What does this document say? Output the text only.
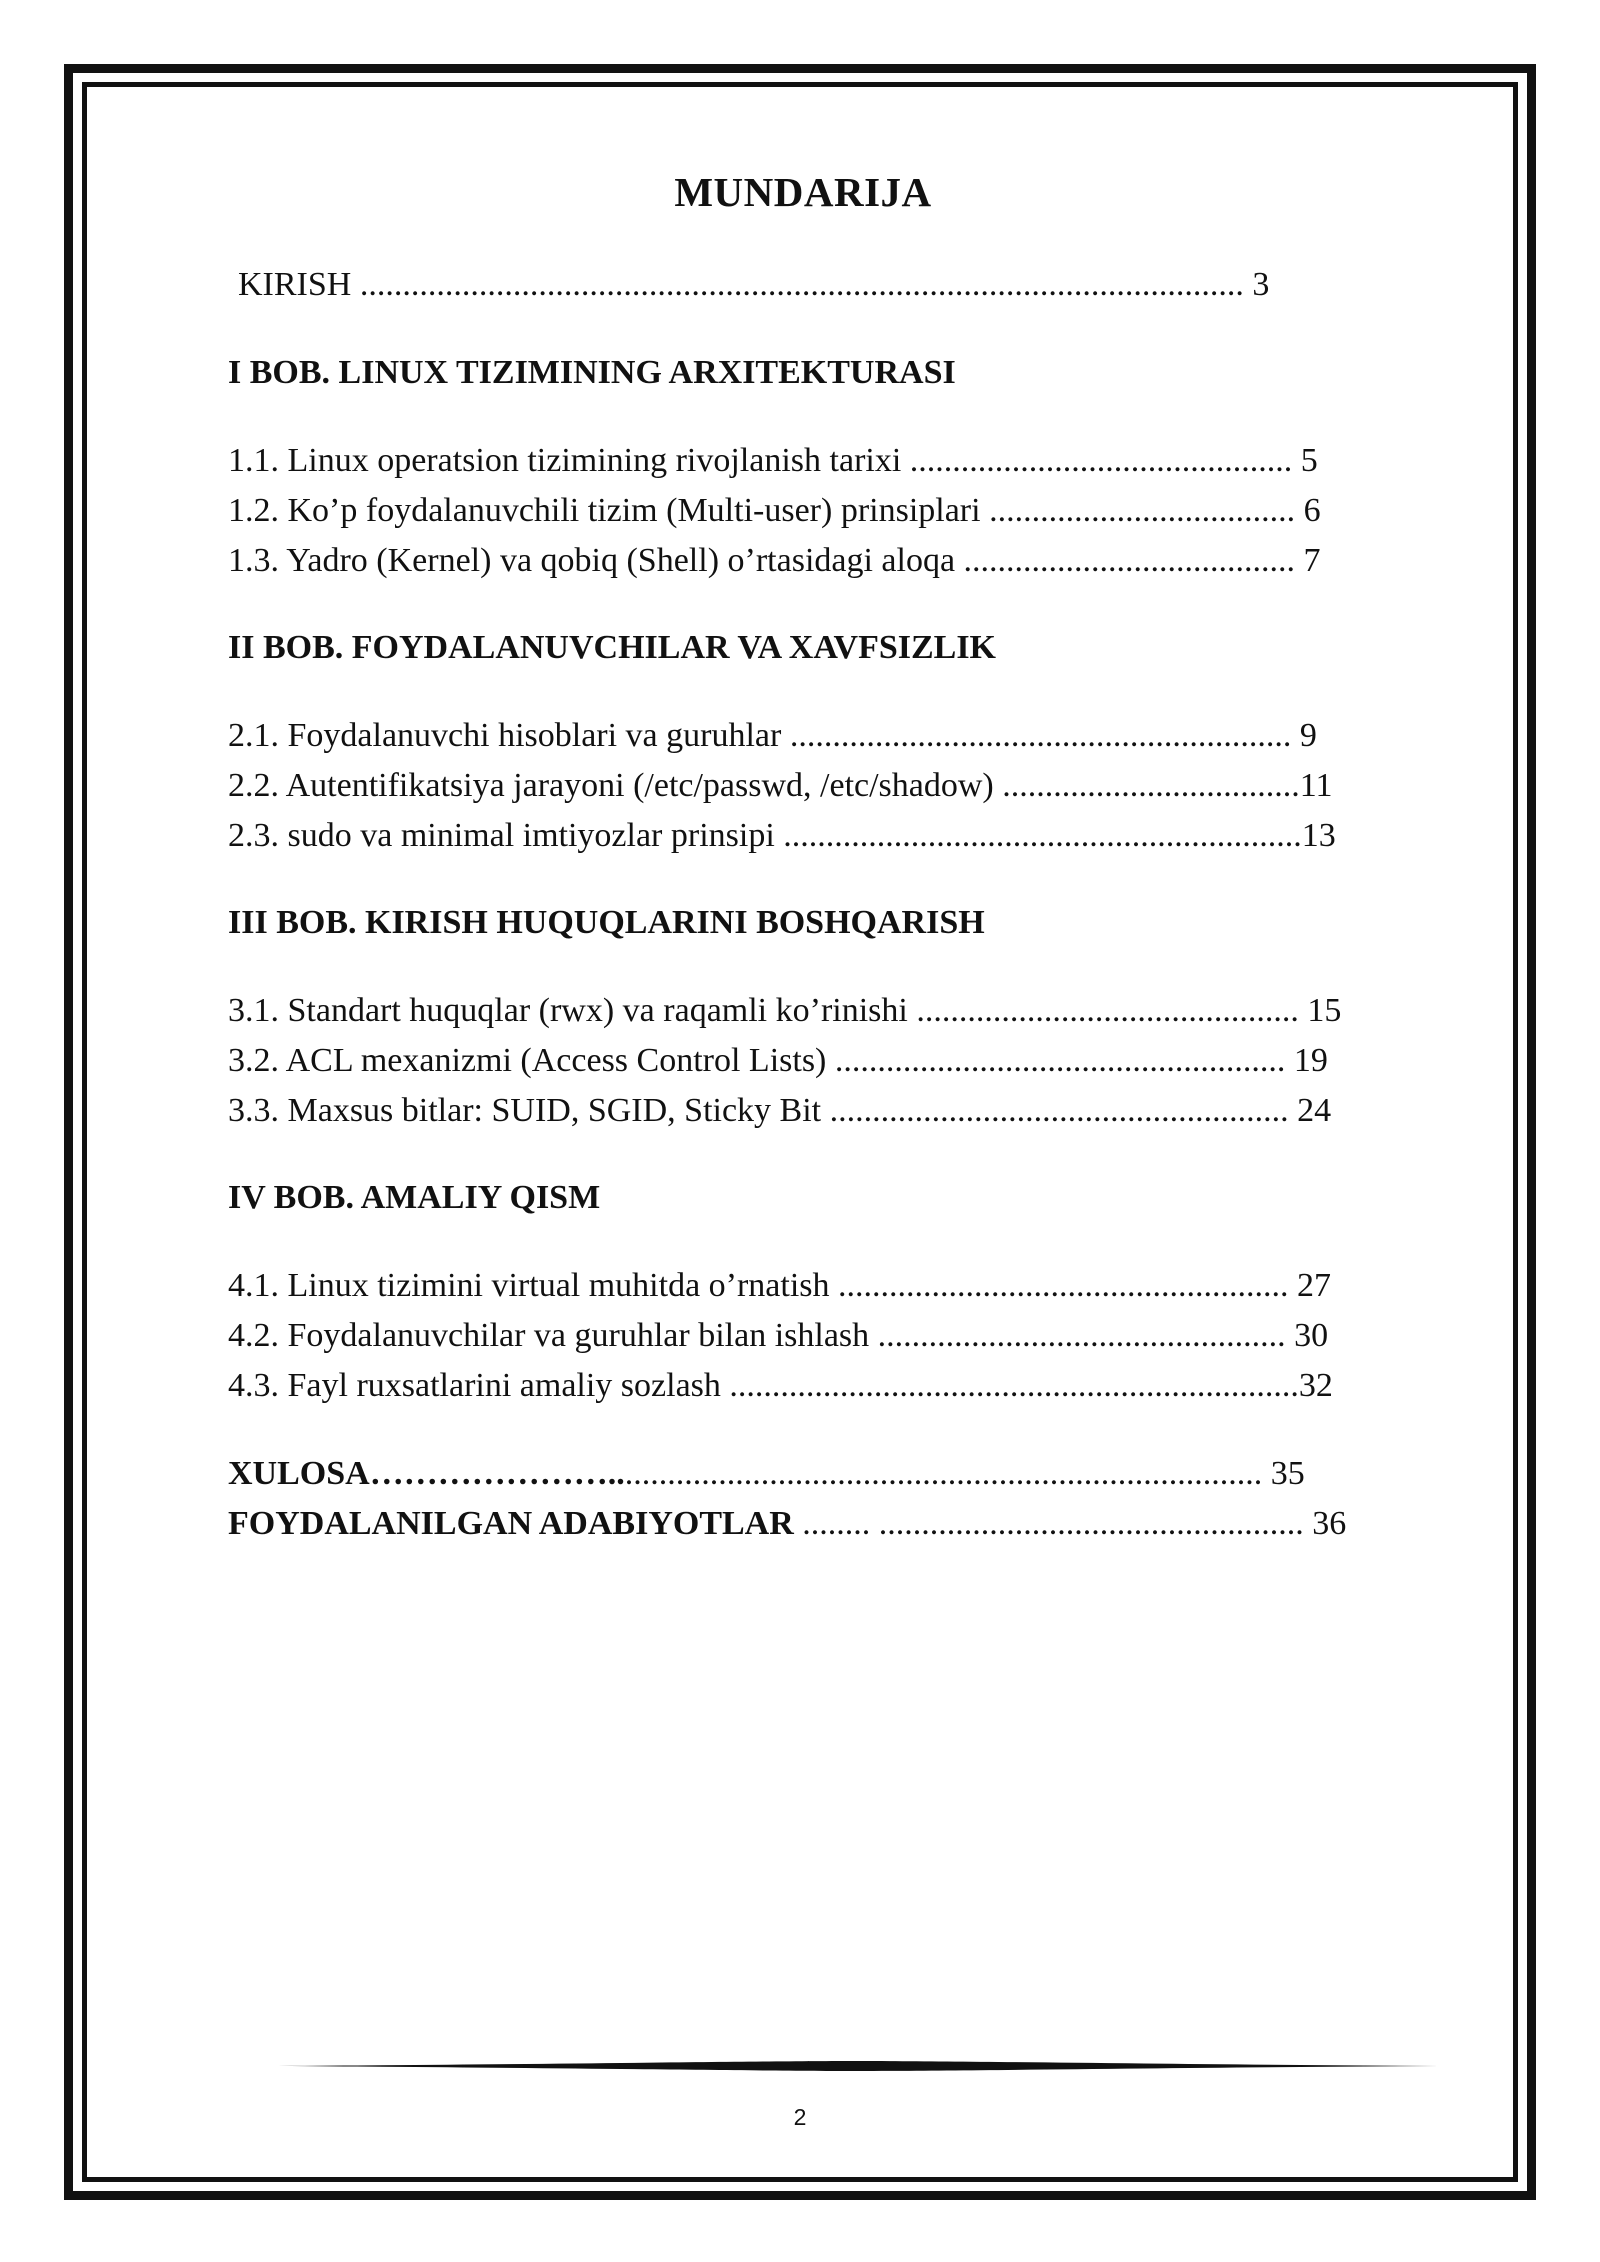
MUNDARIJA
KIRISH ........................................................................................................ 3
I BOB. LINUX TIZIMINING ARXITEKTURASI
1.1. Linux operatsion tizimining rivojlanish tarixi ............................................. 5
1.2. Ko’p foydalanuvchili tizim (Multi-user) prinsiplari .................................... 6
1.3. Yadro (Kernel) va qobiq (Shell) o’rtasidagi aloqa ....................................... 7
II BOB. FOYDALANUVCHILAR VA XAVFSIZLIK
2.1. Foydalanuvchi hisoblari va guruhlar ........................................................... 9
2.2. Autentifikatsiya jarayoni (/etc/passwd, /etc/shadow) ...................................11
2.3. sudo va minimal imtiyozlar prinsipi .............................................................13
III BOB. KIRISH HUQUQLARINI BOSHQARISH
3.1. Standart huquqlar (rwx) va raqamli ko’rinishi ............................................. 15
3.2. ACL mexanizmi (Access Control Lists) ..................................................... 19
3.3. Maxsus bitlar: SUID, SGID, Sticky Bit ...................................................... 24
IV BOB. AMALIY QISM
4.1. Linux tizimini virtual muhitda o’rnatish ..................................................... 27
4.2. Foydalanuvchilar va guruhlar bilan ishlash ................................................ 30
4.3. Fayl ruxsatlarini amaliy sozlash ...................................................................32
XULOSA…………………............................................................................. 35
FOYDALANILGAN ADABIYOTLAR ........ .................................................. 36
2
